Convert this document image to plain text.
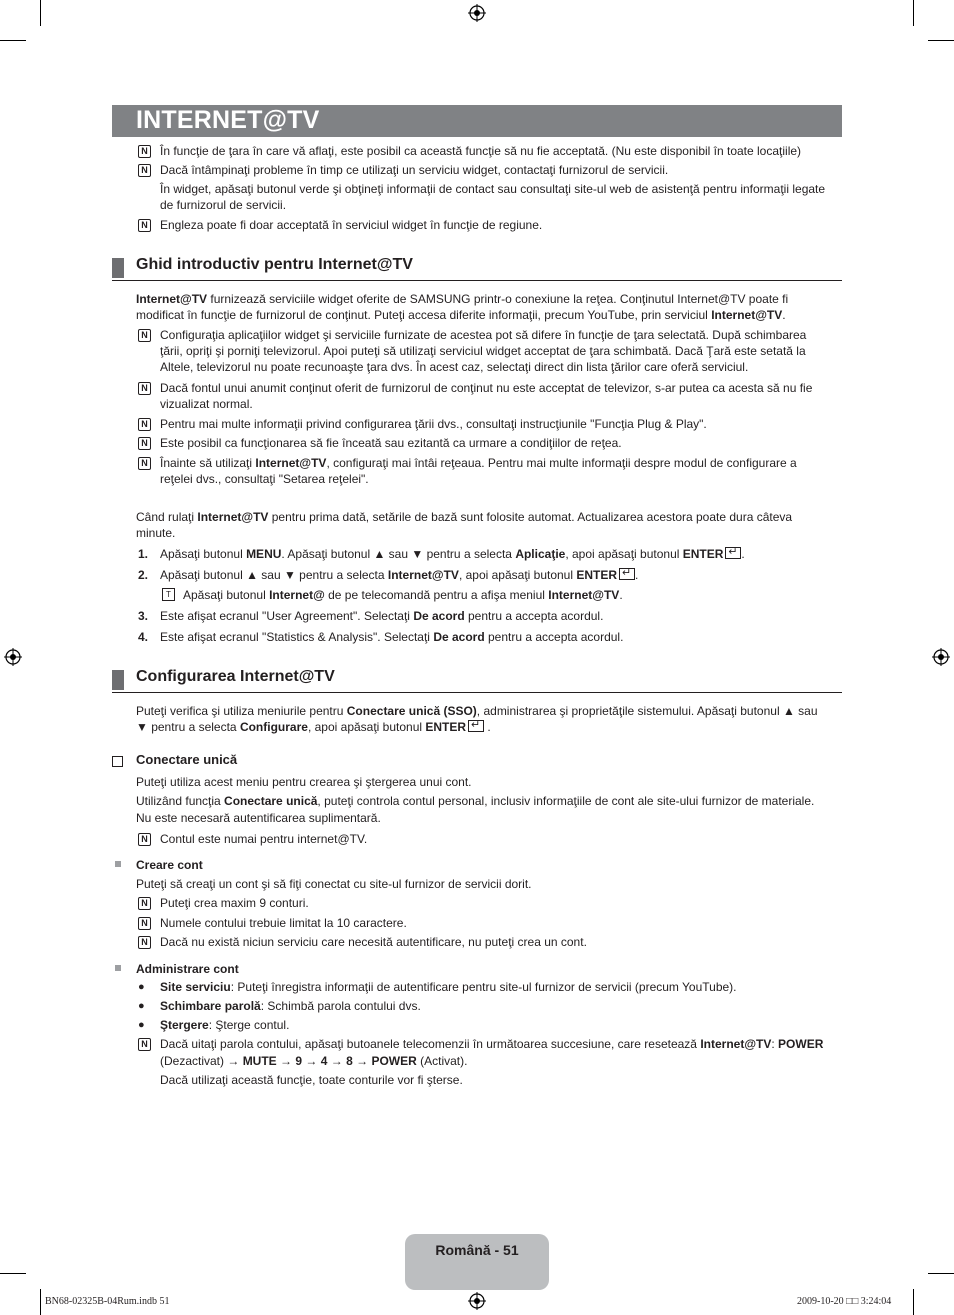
INTERNET@TV
N În funcţie de ţara în care vă aflaţi, este posibil ca această funcţie să nu fie acceptată. (Nu este disponibil în toate locaţiile)
N Dacă întâmpinaţi probleme în timp ce utilizaţi un serviciu widget, contactaţi furnizorul de servicii.
În widget, apăsaţi butonul verde şi obţineţi informaţii de contact sau consultaţi site-ul web de asistenţă pentru informaţii legate
de furnizorul de servicii.
N Engleza poate fi doar acceptată în serviciul widget în funcţie de regiune.
Ghid introductiv pentru Internet@TV
Internet@TV furnizează serviciile widget oferite de SAMSUNG printr-o conexiune la reţea. Conţinutul Internet@TV poate fi
modificat în funcţie de furnizorul de conţinut. Puteţi accesa diferite informaţii, precum YouTube, prin serviciul Internet@TV.
N Configuraţia aplicaţiilor widget şi serviciile furnizate de acestea pot să difere în funcţie de ţara selectată. După schimbarea
ţării, opriţi şi porniţi televizorul. Apoi puteţi să utilizaţi serviciul widget acceptat de ţara schimbată. Dacă Ţară este setată la
Altele, televizorul nu poate recunoaşte ţara dvs. În acest caz, selectaţi direct din lista ţărilor care oferă serviciul.
N Dacă fontul unui anumit conţinut oferit de furnizorul de conţinut nu este acceptat de televizor, s-ar putea ca acesta să nu fie
vizualizat normal.
N Pentru mai multe informaţii privind configurarea ţării dvs., consultaţi instrucţiunile "Funcţia Plug & Play".
N Este posibil ca funcţionarea să fie înceată sau ezitantă ca urmare a condiţiilor de reţea.
N Înainte să utilizaţi Internet@TV, configuraţi mai întâi reţeaua. Pentru mai multe informaţii despre modul de configurare a
reţelei dvs., consultaţi "Setarea reţelei".
Când rulaţi Internet@TV pentru prima dată, setările de bază sunt folosite automat. Actualizarea acestora poate dura câteva
minute.
1. Apăsaţi butonul MENU. Apăsaţi butonul ▲ sau ▼ pentru a selecta Aplicaţie, apoi apăsaţi butonul ENTER ↵ .
2. Apăsaţi butonul ▲ sau ▼ pentru a selecta Internet@TV, apoi apăsaţi butonul ENTER ↵ .
T	Apăsaţi butonul Internet@ de pe telecomandă pentru a afişa meniul Internet@TV.
3. Este afişat ecranul "User Agreement". Selectaţi De acord pentru a accepta acordul.
4. Este afişat ecranul "Statistics & Analysis". Selectaţi De acord pentru a accepta acordul.
Configurarea Internet@TV
Puteţi verifica şi utiliza meniurile pentru Conectare unică (SSO), administrarea şi proprietăţile sistemului. Apăsaţi butonul ▲ sau
▼ pentru a selecta Configurare, apoi apăsaţi butonul ENTER↵ .
Conectare unică
Puteţi utiliza acest meniu pentru crearea şi ştergerea unui cont.
Utilizând funcţia Conectare unică, puteţi controla contul personal, inclusiv informaţiile de cont ale site-ului furnizor de materiale.
Nu este necesară autentificarea suplimentară.
N Contul este numai pentru internet@TV.
Creare cont
Puteţi să creaţi un cont şi să fiţi conectat cu site-ul furnizor de servicii dorit.
N Puteţi crea maxim 9 conturi.
N Numele contului trebuie limitat la 10 caractere.
N Dacă nu există niciun serviciu care necesită autentificare, nu puteţi crea un cont.
Administrare cont
● Site serviciu: Puteţi înregistra informaţii de autentificare pentru site-ul furnizor de servicii (precum YouTube).
● Schimbare parolă: Schimbă parola contului dvs.
● Ştergere: Şterge contul.
N Dacă uitaţi parola contului, apăsaţi butoanele telecomenzii în următoarea succesiune, care resetează Internet@TV: POWER
(Dezactivat) → MUTE → 9 → 4 → 8 → POWER (Activat).
Dacă utilizaţi această funcţie, toate conturile vor fi şterse.
Română - 51
BN68-02325B-04Rum.indb 51	2009-10-20 □□ 3:24:04
